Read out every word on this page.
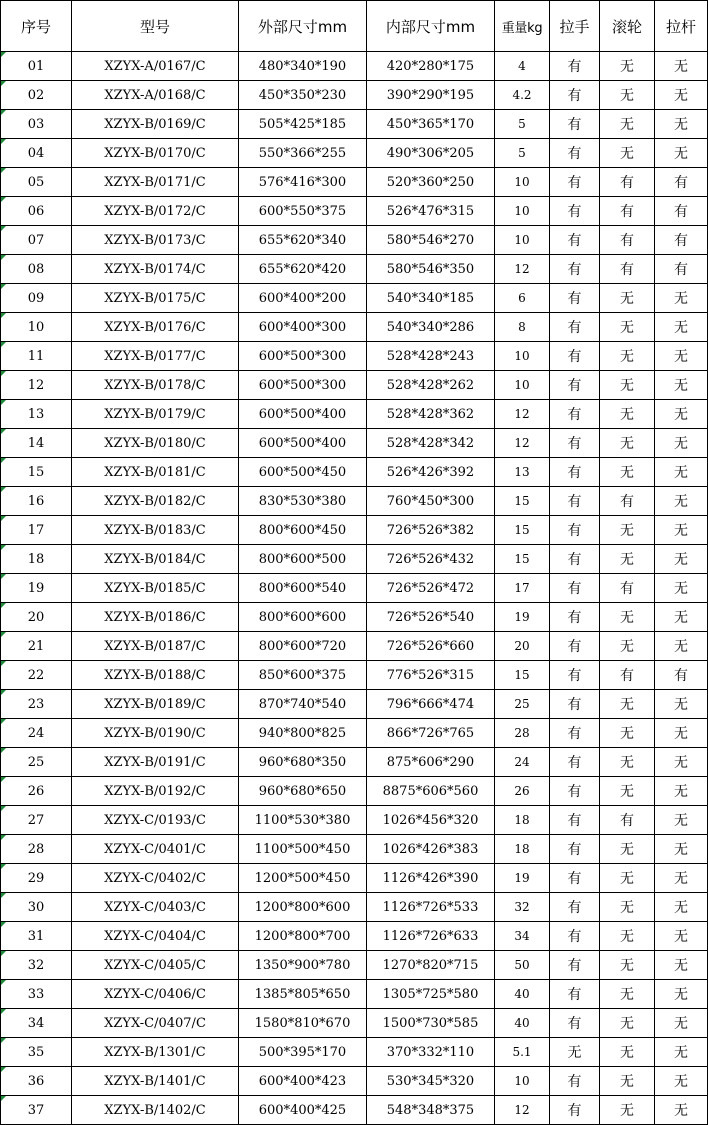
序号	型号	外部尺寸mm	内部尺寸mm	重量kg	拉手	滚轮	拉杆
01	XZYX-A/0167/C	480*340*190	420*280*175	4	有	无	无
02	XZYX-A/0168/C	450*350*230	390*290*195	4.2	有	无	无
03	XZYX-B/0169/C	505*425*185	450*365*170	5	有	无	无
04	XZYX-B/0170/C	550*366*255	490*306*205	5	有	无	无
05	XZYX-B/0171/C	576*416*300	520*360*250	10	有	有	有
06	XZYX-B/0172/C	600*550*375	526*476*315	10	有	有	有
07	XZYX-B/0173/C	655*620*340	580*546*270	10	有	有	有
08	XZYX-B/0174/C	655*620*420	580*546*350	12	有	有	有
09	XZYX-B/0175/C	600*400*200	540*340*185	6	有	无	无
10	XZYX-B/0176/C	600*400*300	540*340*286	8	有	无	无
11	XZYX-B/0177/C	600*500*300	528*428*243	10	有	无	无
12	XZYX-B/0178/C	600*500*300	528*428*262	10	有	无	无
13	XZYX-B/0179/C	600*500*400	528*428*362	12	有	无	无
14	XZYX-B/0180/C	600*500*400	528*428*342	12	有	无	无
15	XZYX-B/0181/C	600*500*450	526*426*392	13	有	无	无
16	XZYX-B/0182/C	830*530*380	760*450*300	15	有	有	无
17	XZYX-B/0183/C	800*600*450	726*526*382	15	有	无	无
18	XZYX-B/0184/C	800*600*500	726*526*432	15	有	无	无
19	XZYX-B/0185/C	800*600*540	726*526*472	17	有	有	无
20	XZYX-B/0186/C	800*600*600	726*526*540	19	有	无	无
21	XZYX-B/0187/C	800*600*720	726*526*660	20	有	无	无
22	XZYX-B/0188/C	850*600*375	776*526*315	15	有	有	有
23	XZYX-B/0189/C	870*740*540	796*666*474	25	有	无	无
24	XZYX-B/0190/C	940*800*825	866*726*765	28	有	无	无
25	XZYX-B/0191/C	960*680*350	875*606*290	24	有	无	无
26	XZYX-B/0192/C	960*680*650	8875*606*560	26	有	无	无
27	XZYX-C/0193/C	1100*530*380	1026*456*320	18	有	有	无
28	XZYX-C/0401/C	1100*500*450	1026*426*383	18	有	无	无
29	XZYX-C/0402/C	1200*500*450	1126*426*390	19	有	无	无
30	XZYX-C/0403/C	1200*800*600	1126*726*533	32	有	无	无
31	XZYX-C/0404/C	1200*800*700	1126*726*633	34	有	无	无
32	XZYX-C/0405/C	1350*900*780	1270*820*715	50	有	无	无
33	XZYX-C/0406/C	1385*805*650	1305*725*580	40	有	无	无
34	XZYX-C/0407/C	1580*810*670	1500*730*585	40	有	无	无
35	XZYX-B/1301/C	500*395*170	370*332*110	5.1	无	无	无
36	XZYX-B/1401/C	600*400*423	530*345*320	10	有	无	无
37	XZYX-B/1402/C	600*400*425	548*348*375	12	有	无	无
